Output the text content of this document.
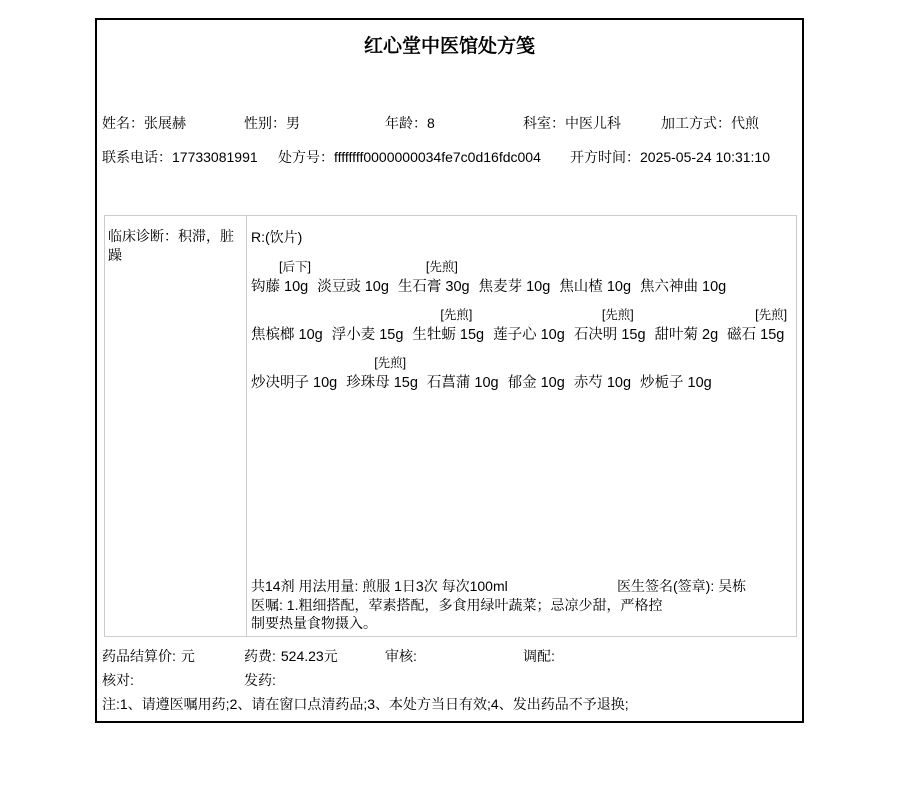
红心堂中医馆处方笺
姓名：张展赫	性别：男	年龄：8	科室：中医儿科	加工方式：代煎
联系电话：17733081991 处方号：ffffffff0000000034fe7c0d16fdc004 开方时间：2025-05-24 10:31:10
临床诊断：积滞，脏躁
R:(饮片)
[后下]
钩藤 10g 淡豆豉 10g
[先煎]
生石膏 30g 焦麦芽 10g 焦山楂 10g 焦六神曲 10g
焦槟榔 10g 浮小麦 15g
[先煎]
生牡蛎 15g 莲子心 10g
[先煎]
石决明 15g 甜叶菊 2g
[先煎]
磁石 15g
炒决明子 10g
[先煎]
珍珠母 15g 石菖蒲 10g 郁金 10g 赤芍 10g 炒栀子 10g
共14剂 用法用量: 煎服 1日3次 每次100ml	医生签名(签章): 吴栋
医嘱: 1.粗细搭配，荤素搭配，多食用绿叶蔬菜；忌凉少甜，严格控制要热量食物摄入。
药品结算价: 元	药费: 524.23元	审核:	调配:
核对:	发药:
注:1、请遵医嘱用药;2、请在窗口点清药品;3、本处方当日有效;4、发出药品不予退换;
